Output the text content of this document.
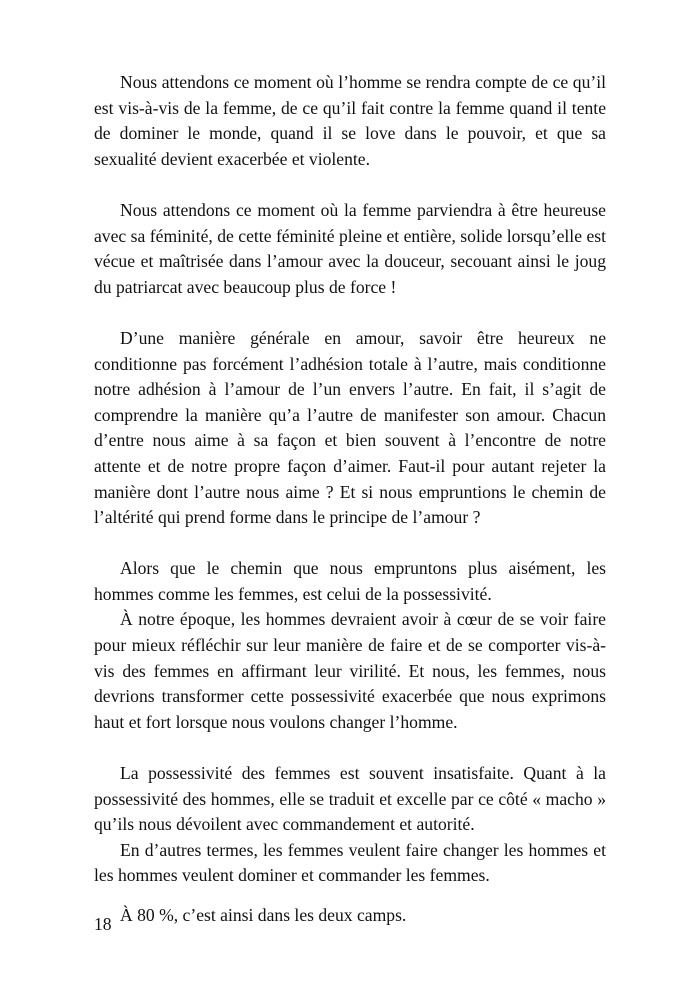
Nous attendons ce moment où l’homme se rendra compte de ce qu’il est vis-à-vis de la femme, de ce qu’il fait contre la femme quand il tente de dominer le monde, quand il se love dans le pouvoir, et que sa sexualité devient exacerbée et violente.

Nous attendons ce moment où la femme parviendra à être heureuse avec sa féminité, de cette féminité pleine et entière, solide lorsqu’elle est vécue et maîtrisée dans l’amour avec la douceur, secouant ainsi le joug du patriarcat avec beaucoup plus de force !

D’une manière générale en amour, savoir être heureux ne conditionne pas forcément l’adhésion totale à l’autre, mais conditionne notre adhésion à l’amour de l’un envers l’autre. En fait, il s’agit de comprendre la manière qu’a l’autre de manifester son amour. Chacun d’entre nous aime à sa façon et bien souvent à l’encontre de notre attente et de notre propre façon d’aimer. Faut-il pour autant rejeter la manière dont l’autre nous aime ? Et si nous empruntions le chemin de l’altérité qui prend forme dans le principe de l’amour ?

Alors que le chemin que nous empruntons plus aisément, les hommes comme les femmes, est celui de la possessivité.

À notre époque, les hommes devraient avoir à cœur de se voir faire pour mieux réfléchir sur leur manière de faire et de se comporter vis-à-vis des femmes en affirmant leur virilité. Et nous, les femmes, nous devrions transformer cette possessivité exacerbée que nous exprimons haut et fort lorsque nous voulons changer l’homme.

La possessivité des femmes est souvent insatisfaite. Quant à la possessivité des hommes, elle se traduit et excelle par ce côté « macho » qu’ils nous dévoilent avec commandement et autorité.

En d’autres termes, les femmes veulent faire changer les hommes et les hommes veulent dominer et commander les femmes.

À 80 %, c’est ainsi dans les deux camps.

18
